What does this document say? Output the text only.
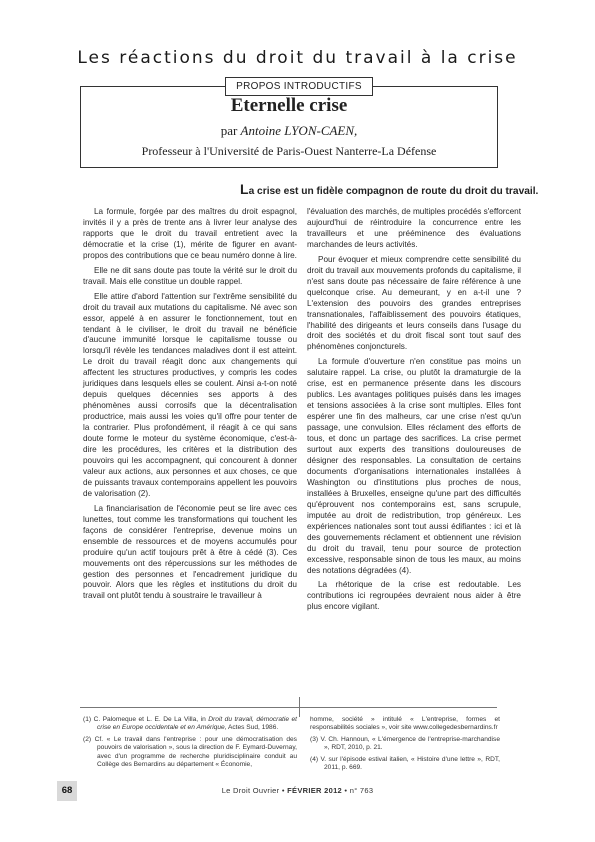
Les réactions du droit du travail à la crise
PROPOS INTRODUCTIFS
Eternelle crise
par Antoine LYON-CAEN,
Professeur à l'Université de Paris-Ouest Nanterre-La Défense
La crise est un fidèle compagnon de route du droit du travail.

La formule, forgée par des maîtres du droit espagnol, invités il y a près de trente ans à livrer leur analyse des rapports que le droit du travail entretient avec la démocratie et la crise (1), mérite de figurer en avant-propos des contributions que ce beau numéro donne à lire.

Elle ne dit sans doute pas toute la vérité sur le droit du travail. Mais elle constitue un double rappel.

Elle attire d'abord l'attention sur l'extrême sensibilité du droit du travail aux mutations du capitalisme. Né avec son essor, appelé à en assurer le fonctionnement, tout en tendant à le civiliser, le droit du travail ne bénéficie d'aucune immunité lorsque le capitalisme tousse ou lorsqu'il révèle les tendances maladives dont il est atteint. Le droit du travail réagit donc aux changements qui affectent les structures productives, y compris les codes juridiques dans lesquels elles se coulent. Ainsi a-t-on noté depuis quelques décennies ses apports à des phénomènes aussi corrosifs que la décentralisation productrice, mais aussi les voies qu'il offre pour tenter de la contrarier. Plus profondément, il réagit à ce qui sans doute forme le moteur du système économique, c'est-à-dire les procédures, les critères et la distribution des pouvoirs qui les accompagnent, qui concourent à donner valeur aux actions, aux personnes et aux choses, ce que de puissants travaux contemporains appellent les pouvoirs de valorisation (2).

La financiarisation de l'économie peut se lire avec ces lunettes, tout comme les transformations qui touchent les façons de considérer l'entreprise, devenue moins un ensemble de ressources et de moyens accumulés pour produire qu'un actif toujours prêt à être à cédé (3). Ces mouvements ont des répercussions sur les méthodes de gestion des personnes et l'encadrement juridique du pouvoir. Alors que les règles et institutions du droit du travail ont plutôt tendu à soustraire le travailleur à

l'évaluation des marchés, de multiples procédés s'efforcent aujourd'hui de réintroduire la concurrence entre les travailleurs et une prééminence des évaluations marchandes de leurs activités.

Pour évoquer et mieux comprendre cette sensibilité du droit du travail aux mouvements profonds du capitalisme, il n'est sans doute pas nécessaire de faire référence à une quelconque crise. Au demeurant, y en a-t-il une ? L'extension des pouvoirs des grandes entreprises transnationales, l'affaiblissement des pouvoirs étatiques, l'habilité des dirigeants et leurs conseils dans l'usage du droit des sociétés et du droit fiscal sont tout sauf des phénomènes conjoncturels.

La formule d'ouverture n'en constitue pas moins un salutaire rappel. La crise, ou plutôt la dramaturgie de la crise, est en permanence présente dans les discours publics. Les avantages politiques puisés dans les images et tensions associées à la crise sont multiples. Elles font espérer une fin des malheurs, car une crise n'est qu'un passage, une convulsion. Elles réclament des efforts de tous, et donc un partage des sacrifices. La crise permet surtout aux experts des transitions douloureuses de désigner des responsables. La consultation de certains documents d'organisations internationales installées à Washington ou d'institutions plus proches de nous, installées à Bruxelles, enseigne qu'une part des difficultés qu'éprouvent nos contemporains est, sans scrupule, imputée au droit de redistribution, trop généreux. Les expériences nationales sont tout aussi édifiantes : ici et là des gouvernements réclament et obtiennent une révision du droit du travail, tenu pour source de protection excessive, responsable sinon de tous les maux, au moins des notations dégradées (4).

La rhétorique de la crise est redoutable. Les contributions ici regroupées devraient nous aider à être plus encore vigilant.

(1) C. Palomeque et L. E. De La Villa, in Droit du travail, démocratie et crise en Europe occidentale et en Amérique, Actes Sud, 1986.
(2) Cf. « Le travail dans l'entreprise : pour une démocratisation des pouvoirs de valorisation », sous la direction de F. Eymard-Duvernay, avec d'un programme de recherche pluridisciplinaire conduit au Collège des Bernardins au département « Économie,
homme, société » intitulé « L'entreprise, formes et responsabilités sociales », voir site www.collegedesbernardins.fr
(3) V. Ch. Hannoun, « L'émergence de l'entreprise-marchandise », RDT, 2010, p. 21.
(4) V. sur l'épisode estival italien, « Histoire d'une lettre », RDT, 2011, p. 669.
68	Le Droit Ouvrier • FÉVRIER 2012 • n° 763
